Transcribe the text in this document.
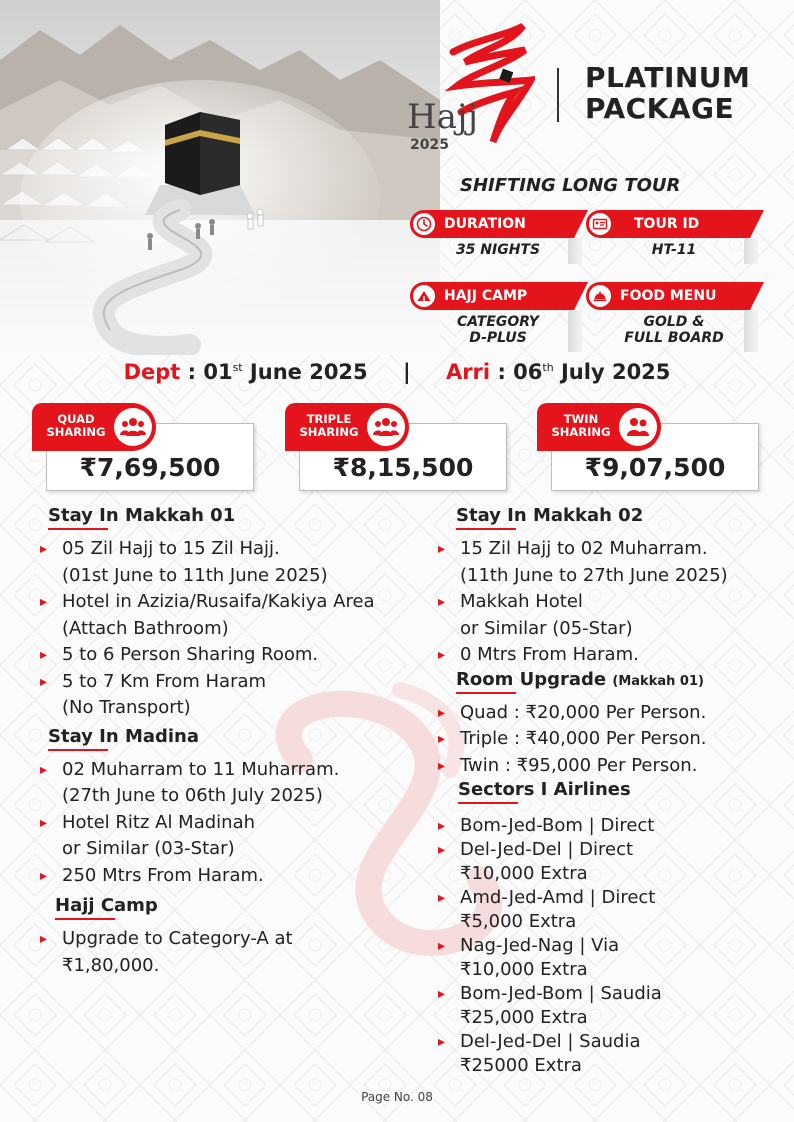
Hajj
2025
PLATINUM
PACKAGE
SHIFTING LONG TOUR
DURATION
35 NIGHTS
TOUR ID
HT-11
HAJJ CAMP
CATEGORY
D-PLUS
FOOD MENU
GOLD &
FULL BOARD
Dept : 01st June 2025 | Arri : 06th July 2025
QUAD
SHARING
₹7,69,500
TRIPLE
SHARING
₹8,15,500
TWIN
SHARING
₹9,07,500
Stay In Makkah 01
▸ 05 Zil Hajj to 15 Zil Hajj.
(01st June to 11th June 2025)
▸ Hotel in Azizia/Rusaifa/Kakiya Area
(Attach Bathroom)
▸ 5 to 6 Person Sharing Room.
▸ 5 to 7 Km From Haram
(No Transport)
Stay In Madina
▸ 02 Muharram to 11 Muharram.
(27th June to 06th July 2025)
▸ Hotel Ritz Al Madinah
or Similar (03-Star)
▸ 250 Mtrs From Haram.
Hajj Camp
▸ Upgrade to Category-A at
₹1,80,000.
Stay In Makkah 02
▸ 15 Zil Hajj to 02 Muharram.
(11th June to 27th June 2025)
▸ Makkah Hotel
or Similar (05-Star)
▸ 0 Mtrs From Haram.
Room Upgrade (Makkah 01)
▸ Quad : ₹20,000 Per Person.
▸ Triple : ₹40,000 Per Person.
▸ Twin : ₹95,000 Per Person.
Sectors I Airlines
▸ Bom-Jed-Bom | Direct
▸ Del-Jed-Del | Direct
₹10,000 Extra
▸ Amd-Jed-Amd | Direct
₹5,000 Extra
▸ Nag-Jed-Nag | Via
₹10,000 Extra
▸ Bom-Jed-Bom | Saudia
₹25,000 Extra
▸ Del-Jed-Del | Saudia
₹25000 Extra
Page No. 08
